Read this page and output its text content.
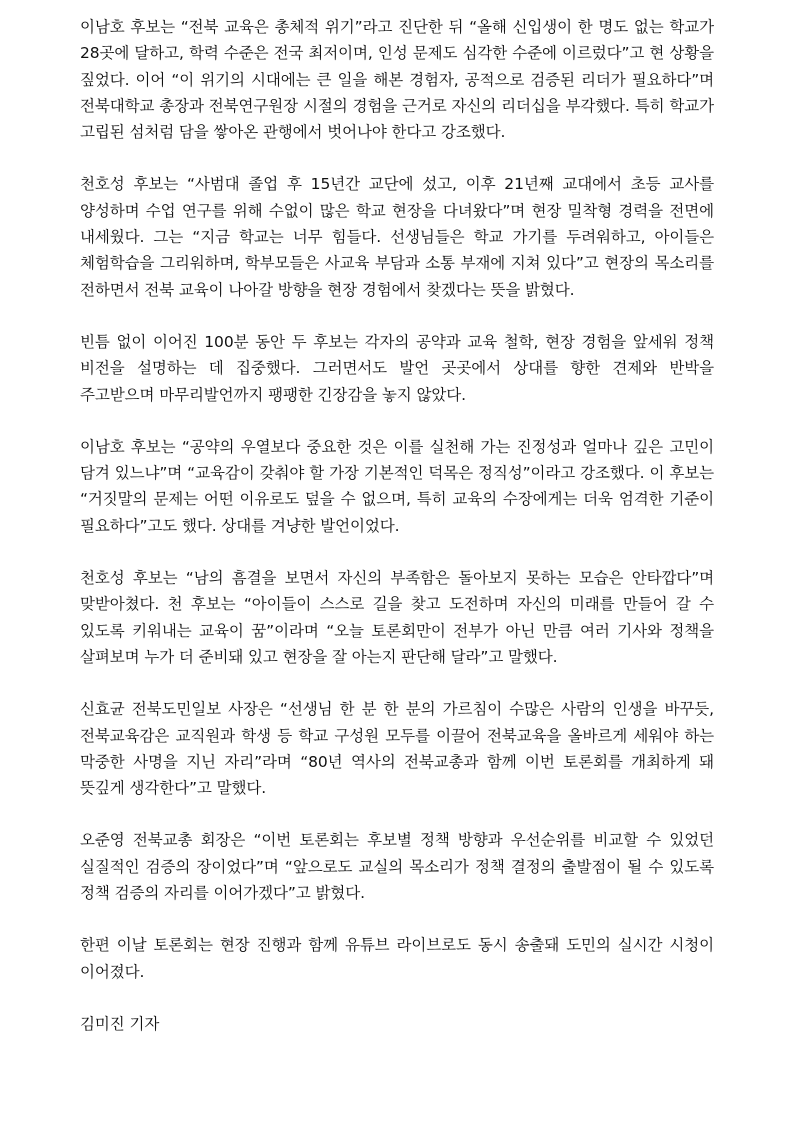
이남호 후보는 “전북 교육은 총체적 위기”라고 진단한 뒤 “올해 신입생이 한 명도 없는 학교가 28곳에 달하고, 학력 수준은 전국 최저이며, 인성 문제도 심각한 수준에 이르렀다”고 현 상황을 짚었다. 이어 “이 위기의 시대에는 큰 일을 해본 경험자, 공적으로 검증된 리더가 필요하다”며 전북대학교 총장과 전북연구원장 시절의 경험을 근거로 자신의 리더십을 부각했다. 특히 학교가 고립된 섬처럼 담을 쌓아온 관행에서 벗어나야 한다고 강조했다.

천호성 후보는 “사범대 졸업 후 15년간 교단에 섰고, 이후 21년째 교대에서 초등 교사를 양성하며 수업 연구를 위해 수없이 많은 학교 현장을 다녀왔다”며 현장 밀착형 경력을 전면에 내세웠다. 그는 “지금 학교는 너무 힘들다. 선생님들은 학교 가기를 두려워하고, 아이들은 체험학습을 그리워하며, 학부모들은 사교육 부담과 소통 부재에 지쳐 있다”고 현장의 목소리를 전하면서 전북 교육이 나아갈 방향을 현장 경험에서 찾겠다는 뜻을 밝혔다.

빈틈 없이 이어진 100분 동안 두 후보는 각자의 공약과 교육 철학, 현장 경험을 앞세워 정책 비전을 설명하는 데 집중했다. 그러면서도 발언 곳곳에서 상대를 향한 견제와 반박을 주고받으며 마무리발언까지 팽팽한 긴장감을 놓지 않았다.

이남호 후보는 “공약의 우열보다 중요한 것은 이를 실천해 가는 진정성과 얼마나 깊은 고민이 담겨 있느냐”며 “교육감이 갖춰야 할 가장 기본적인 덕목은 정직성”이라고 강조했다. 이 후보는 “거짓말의 문제는 어떤 이유로도 덮을 수 없으며, 특히 교육의 수장에게는 더욱 엄격한 기준이 필요하다”고도 했다. 상대를 겨냥한 발언이었다.

천호성 후보는 “남의 흠결을 보면서 자신의 부족함은 돌아보지 못하는 모습은 안타깝다”며 맞받아쳤다. 천 후보는 “아이들이 스스로 길을 찾고 도전하며 자신의 미래를 만들어 갈 수 있도록 키워내는 교육이 꿈”이라며 “오늘 토론회만이 전부가 아닌 만큼 여러 기사와 정책을 살펴보며 누가 더 준비돼 있고 현장을 잘 아는지 판단해 달라”고 말했다.

신효균 전북도민일보 사장은 “선생님 한 분 한 분의 가르침이 수많은 사람의 인생을 바꾸듯, 전북교육감은 교직원과 학생 등 학교 구성원 모두를 이끌어 전북교육을 올바르게 세워야 하는 막중한 사명을 지닌 자리”라며 “80년 역사의 전북교총과 함께 이번 토론회를 개최하게 돼 뜻깊게 생각한다”고 말했다.

오준영 전북교총 회장은 “이번 토론회는 후보별 정책 방향과 우선순위를 비교할 수 있었던 실질적인 검증의 장이었다”며 “앞으로도 교실의 목소리가 정책 결정의 출발점이 될 수 있도록 정책 검증의 자리를 이어가겠다”고 밝혔다.

한편 이날 토론회는 현장 진행과 함께 유튜브 라이브로도 동시 송출돼 도민의 실시간 시청이 이어졌다.

김미진 기자
